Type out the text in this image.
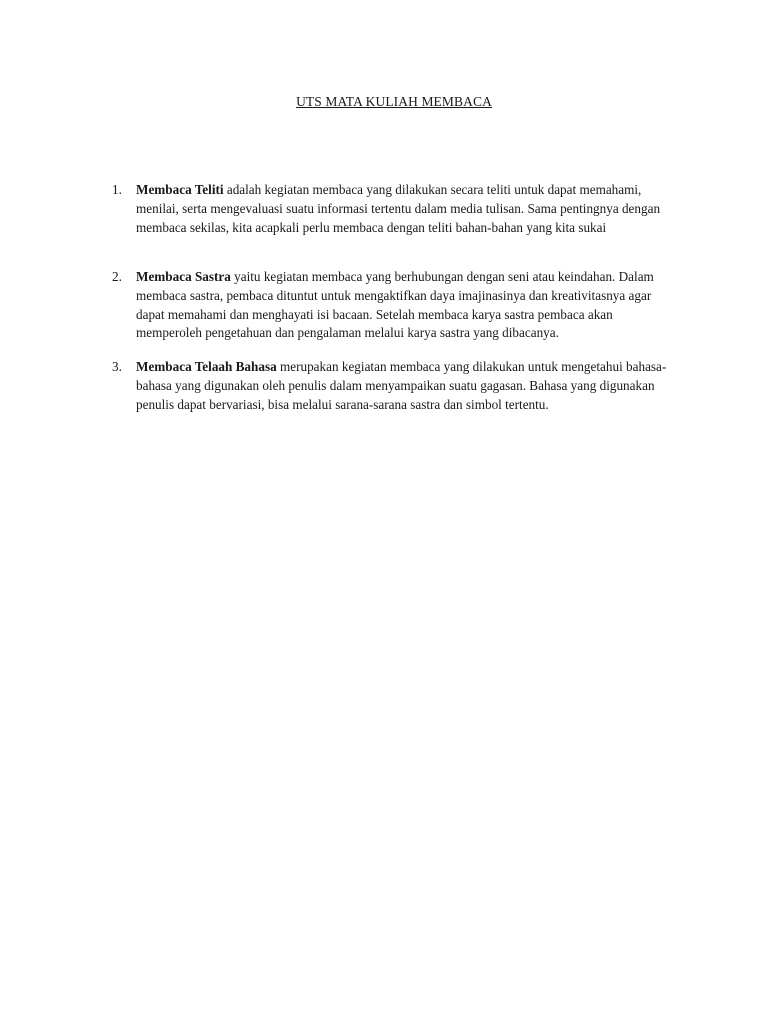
UTS MATA KULIAH MEMBACA
1.	Membaca Teliti adalah kegiatan membaca yang dilakukan secara teliti untuk dapat memahami, menilai, serta mengevaluasi suatu informasi tertentu dalam media tulisan. Sama pentingnya dengan membaca sekilas, kita acapkali perlu membaca dengan teliti bahan-bahan yang kita sukai
2.	Membaca Sastra yaitu kegiatan membaca yang berhubungan dengan seni atau keindahan. Dalam membaca sastra, pembaca dituntut untuk mengaktifkan daya imajinasinya dan kreativitasnya agar dapat memahami dan menghayati isi bacaan. Setelah membaca karya sastra pembaca akan memperoleh pengetahuan dan pengalaman melalui karya sastra yang dibacanya.
3.	Membaca Telaah Bahasa merupakan kegiatan membaca yang dilakukan untuk mengetahui bahasa-bahasa yang digunakan oleh penulis dalam menyampaikan suatu gagasan. Bahasa yang digunakan penulis dapat bervariasi, bisa melalui sarana-sarana sastra dan simbol tertentu.
